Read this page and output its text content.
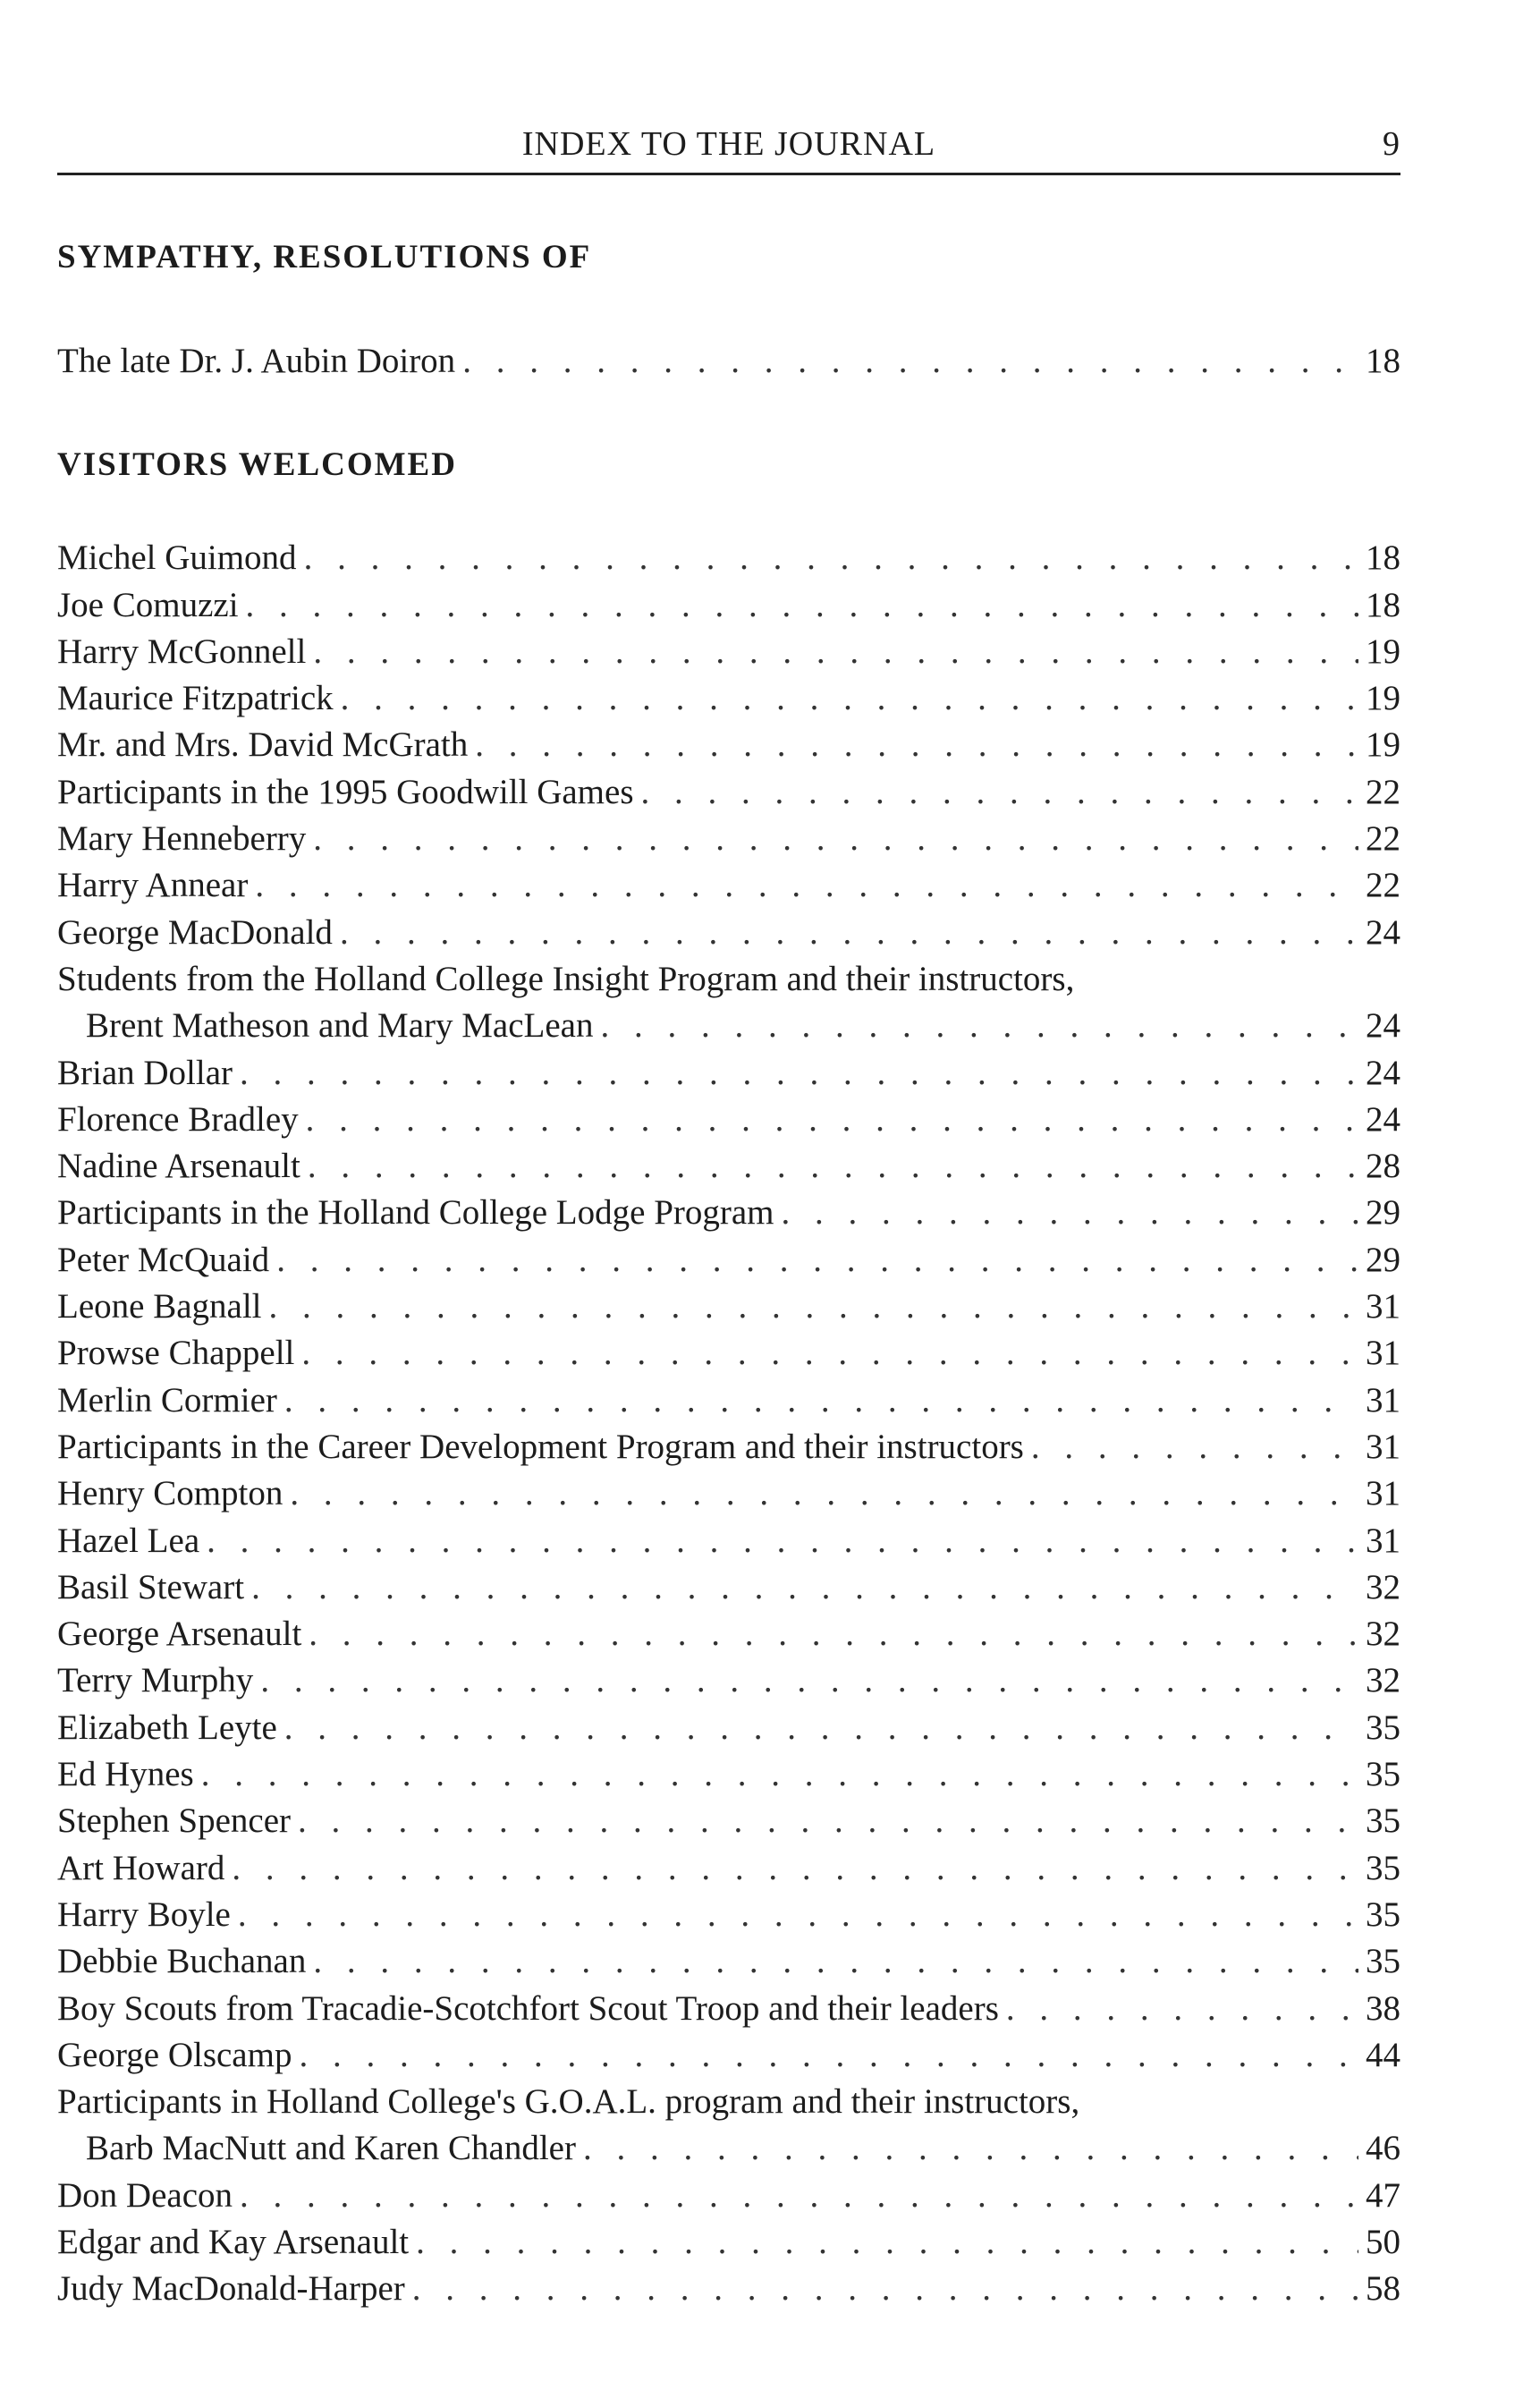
INDEX TO THE JOURNAL	9
SYMPATHY, RESOLUTIONS OF
The late Dr. J. Aubin Doiron . . .	18
VISITORS WELCOMED
Michel Guimond . . .	18
Joe Comuzzi . . .	18
Harry McGonnell . . .	19
Maurice Fitzpatrick . . .	19
Mr. and Mrs. David McGrath . . .	19
Participants in the 1995 Goodwill Games . . .	22
Mary Henneberry . . .	22
Harry Annear . . .	22
George MacDonald . . .	24
Students from the Holland College Insight Program and their instructors,
Brent Matheson and Mary MacLean . . .	24
Brian Dollar . . .	24
Florence Bradley . . .	24
Nadine Arsenault . . .	28
Participants in the Holland College Lodge Program . . .	29
Peter McQuaid . . .	29
Leone Bagnall . . .	31
Prowse Chappell . . .	31
Merlin Cormier . . .	31
Participants in the Career Development Program and their instructors . . .	31
Henry Compton . . .	31
Hazel Lea . . .	31
Basil Stewart . . .	32
George Arsenault . . .	32
Terry Murphy . . .	32
Elizabeth Leyte . . .	35
Ed Hynes . . .	35
Stephen Spencer . . .	35
Art Howard . . .	35
Harry Boyle . . .	35
Debbie Buchanan . . .	35
Boy Scouts from Tracadie-Scotchfort Scout Troop and their leaders . . .	38
George Olscamp . . .	44
Participants in Holland College's G.O.A.L. program and their instructors,
Barb MacNutt and Karen Chandler . . .	46
Don Deacon . . .	47
Edgar and Kay Arsenault . . .	50
Judy MacDonald-Harper . . .	58
